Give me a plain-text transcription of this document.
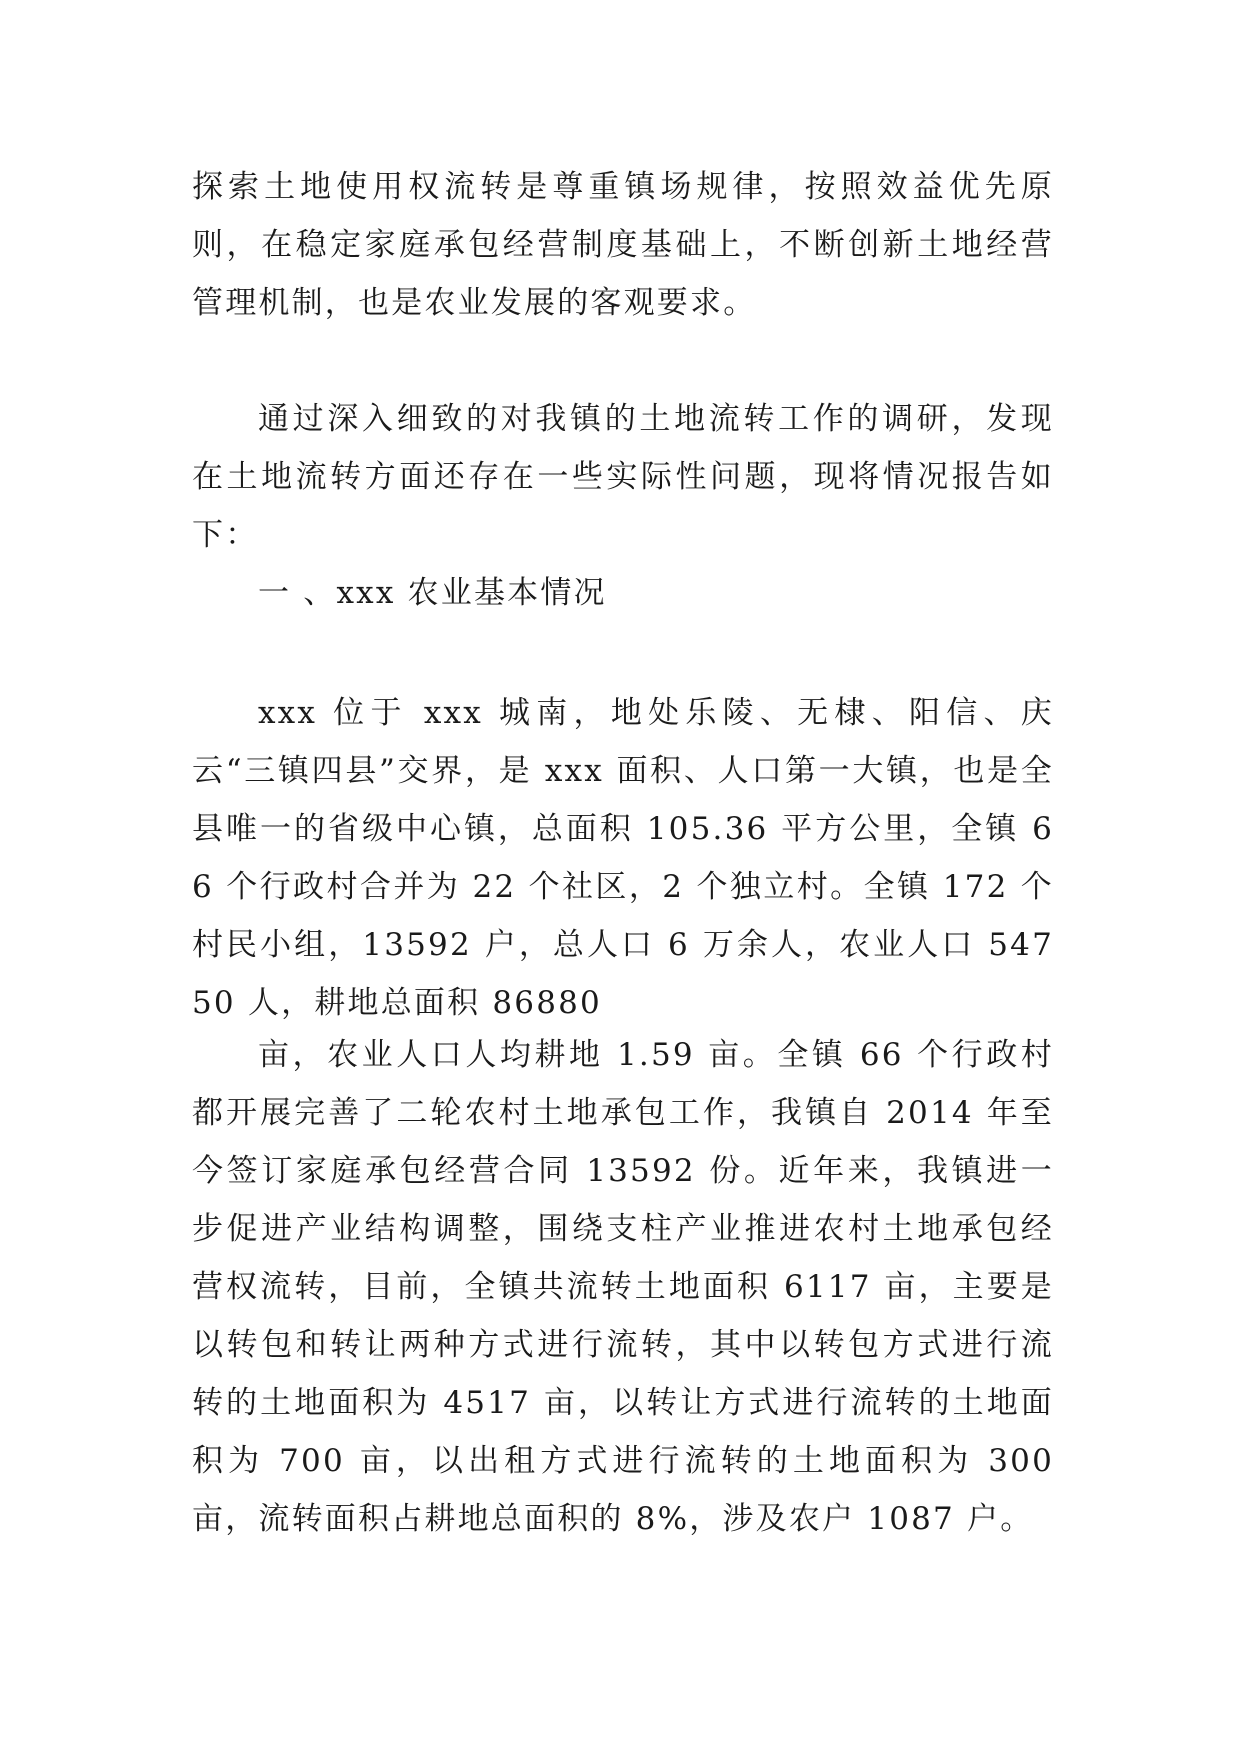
探索土地使用权流转是尊重镇场规律，按照效益优先原则，在稳定家庭承包经营制度基础上，不断创新土地经营管理机制，也是农业发展的客观要求。

通过深入细致的对我镇的土地流转工作的调研，发现在土地流转方面还存在一些实际性问题，现将情况报告如下：

一 、xxx 农业基本情况

xxx 位于 xxx 城南，地处乐陵、无棣、阳信、庆云“三镇四县”交界，是 xxx 面积、人口第一大镇，也是全县唯一的省级中心镇，总面积 105.36 平方公里，全镇 66 个行政村合并为 22 个社区，2 个独立村。全镇 172 个村民小组，13592 户，总人口 6 万余人，农业人口 54750 人，耕地总面积 86880

亩，农业人口人均耕地 1.59 亩。全镇 66 个行政村都开展完善了二轮农村土地承包工作，我镇自 2014 年至今签订家庭承包经营合同 13592 份。近年来，我镇进一步促进产业结构调整，围绕支柱产业推进农村土地承包经营权流转，目前，全镇共流转土地面积 6117 亩，主要是以转包和转让两种方式进行流转，其中以转包方式进行流转的土地面积为 4517 亩，以转让方式进行流转的土地面积为 700 亩，以出租方式进行流转的土地面积为 300 亩，流转面积占耕地总面积的 8%，涉及农户 1087 户。
